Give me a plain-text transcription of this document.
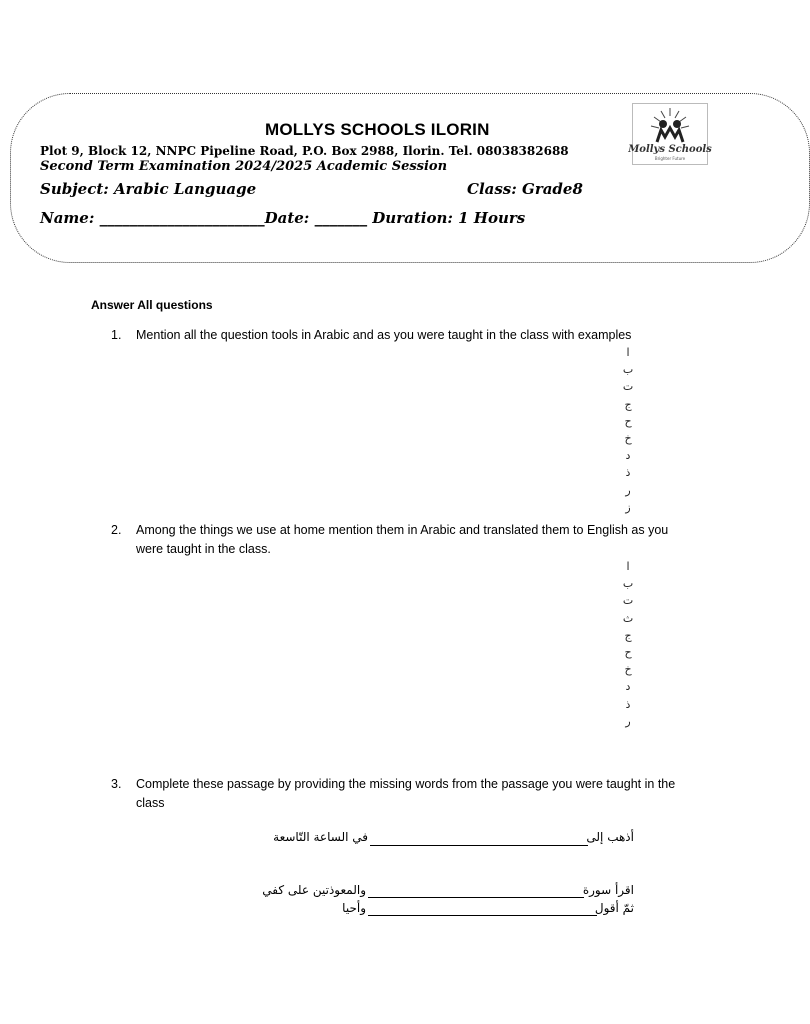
MOLLYS SCHOOLS ILORIN
Plot 9, Block 12, NNPC Pipeline Road, P.O. Box 2988, Ilorin. Tel. 08038382688
Second Term Examination 2024/2025 Academic Session
Subject: Arabic Language	Class: Grade8
Name: ______________________Date: _______ Duration: 1 Hours
Mollys Schools
Brighter Future
Answer All questions
1. Mention all the question tools in Arabic and as you were taught in the class with examples
ا
ب
ت
ج
ح
خ
د
ذ
ر
ز
2. Among the things we use at home mention them in Arabic and translated them to English as you were taught in the class.
ا
ب
ت
ث
ج
ح
خ
د
ذ
ر
3. Complete these passage by providing the missing words from the passage you were taught in the class
أذهب إلى
في الساعة التّاسعة
اقرأ سورة
والمعوذتين على كفي
ثمّ أقول
وأحيا
